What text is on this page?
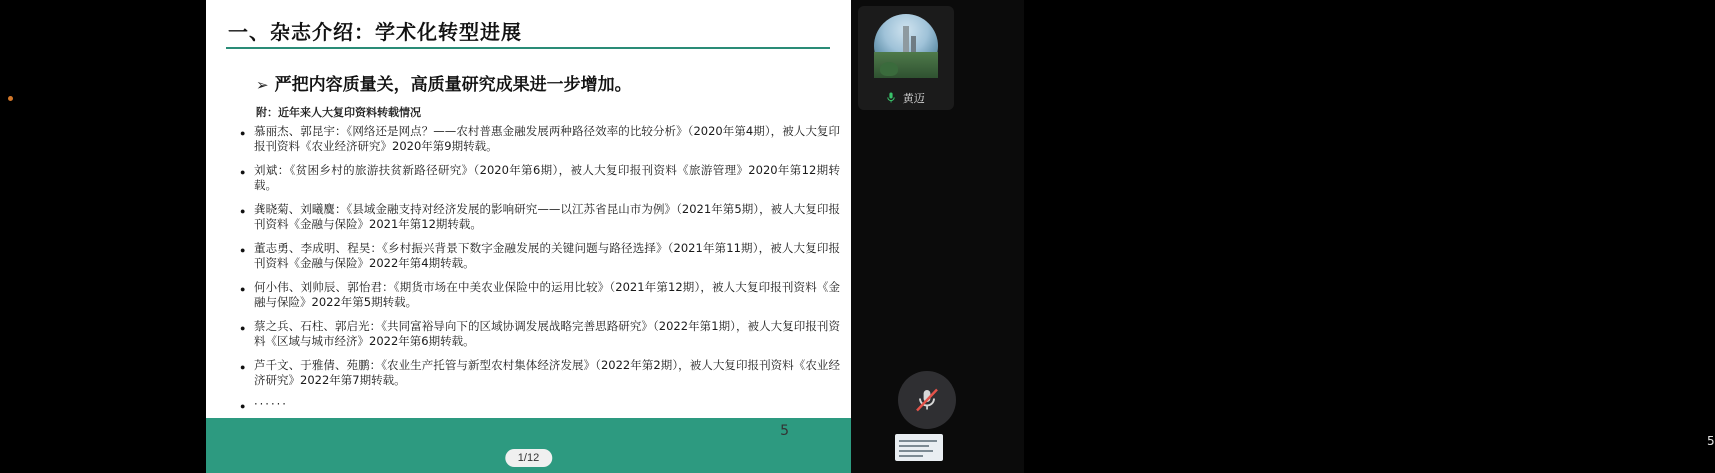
一、杂志介绍：学术化转型进展
➢ 严把内容质量关，高质量研究成果进一步增加。
附：近年来人大复印资料转载情况
● 慕丽杰、郭昆宇：《网络还是网点？——农村普惠金融发展两种路径效率的比较分析》（2020年第4期），被人大复印报刊资料《农业经济研究》2020年第9期转载。
● 刘斌：《贫困乡村的旅游扶贫新路径研究》（2020年第6期），被人大复印报刊资料《旅游管理》2020年第12期转载。
● 龚晓菊、刘曦麌：《县域金融支持对经济发展的影响研究——以江苏省昆山市为例》（2021年第5期），被人大复印报刊资料《金融与保险》2021年第12期转载。
● 董志勇、李成明、程昊：《乡村振兴背景下数字金融发展的关键问题与路径选择》（2021年第11期），被人大复印报刊资料《金融与保险》2022年第4期转载。
● 何小伟、刘帅辰、郭怡君：《期货市场在中美农业保险中的运用比较》（2021年第12期），被人大复印报刊资料《金融与保险》2022年第5期转载。
● 蔡之兵、石柱、郭启光：《共同富裕导向下的区域协调发展战略完善思路研究》（2022年第1期），被人大复印报刊资料《区域与城市经济》2022年第6期转载。
● 芦千文、于雅倩、苑鹏：《农业生产托管与新型农村集体经济发展》（2022年第2期），被人大复印报刊资料《农业经济研究》2022年第7期转载。
● ······
5
1/12
5
黄迈
